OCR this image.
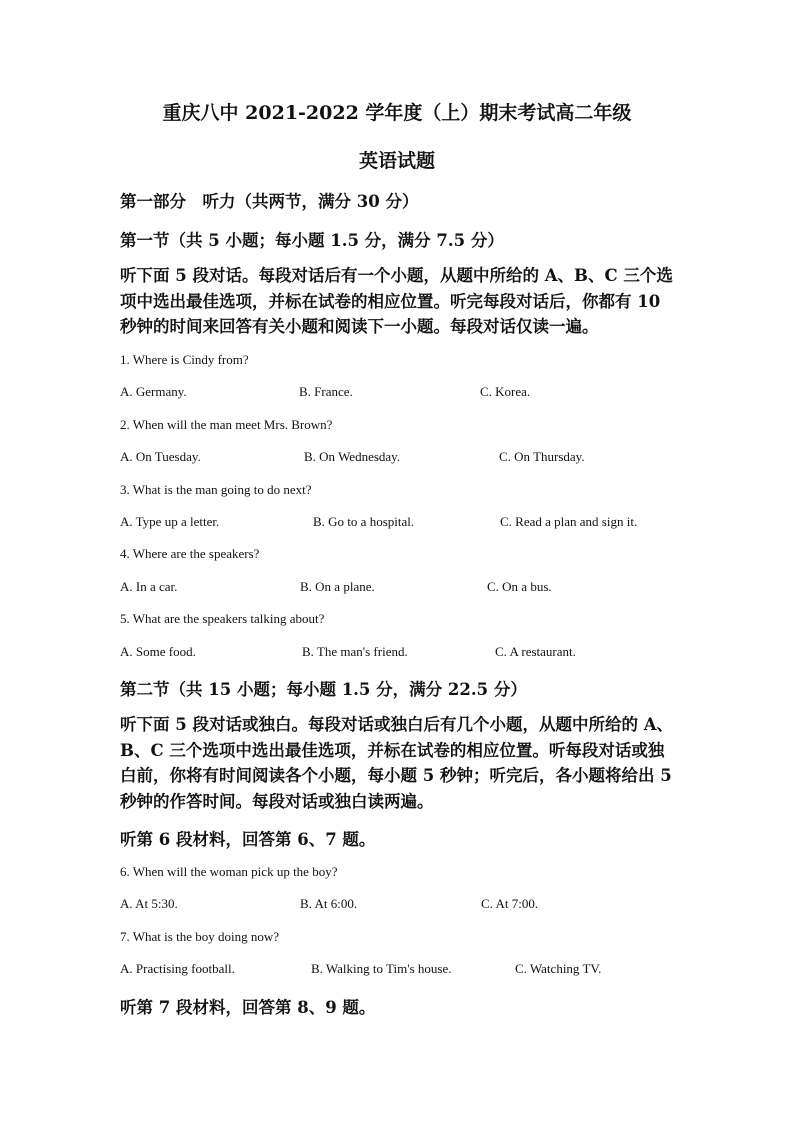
重庆八中 2021-2022 学年度（上）期末考试高二年级
英语试题

第一部分　听力（共两节，满分 30 分）

第一节（共 5 小题；每小题 1.5 分，满分 7.5 分）

听下面 5 段对话。每段对话后有一个小题，从题中所给的 A、B、C 三个选项中选出最佳选项，并标在试卷的相应位置。听完每段对话后，你都有 10 秒钟的时间来回答有关小题和阅读下一小题。每段对话仅读一遍。

1. Where is Cindy from?

A. Germany.	B. France.	C. Korea.

2. When will the man meet Mrs. Brown?

A. On Tuesday.	B. On Wednesday.	C. On Thursday.

3. What is the man going to do next?

A. Type up a letter.	B. Go to a hospital.	C. Read a plan and sign it.

4. Where are the speakers?

A. In a car.	B. On a plane.	C. On a bus.

5. What are the speakers talking about?

A. Some food.	B. The man's friend.	C. A restaurant.

第二节（共 15 小题；每小题 1.5 分，满分 22.5 分）

听下面 5 段对话或独白。每段对话或独白后有几个小题，从题中所给的 A、B、C 三个选项中选出最佳选项，并标在试卷的相应位置。听每段对话或独白前，你将有时间阅读各个小题，每小题 5 秒钟；听完后，各小题将给出 5 秒钟的作答时间。每段对话或独白读两遍。

听第 6 段材料，回答第 6、7 题。

6. When will the woman pick up the boy?

A. At 5:30.	B. At 6:00.	C. At 7:00.

7. What is the boy doing now?

A. Practising football.	B. Walking to Tim's house.	C. Watching TV.

听第 7 段材料，回答第 8、9 题。
